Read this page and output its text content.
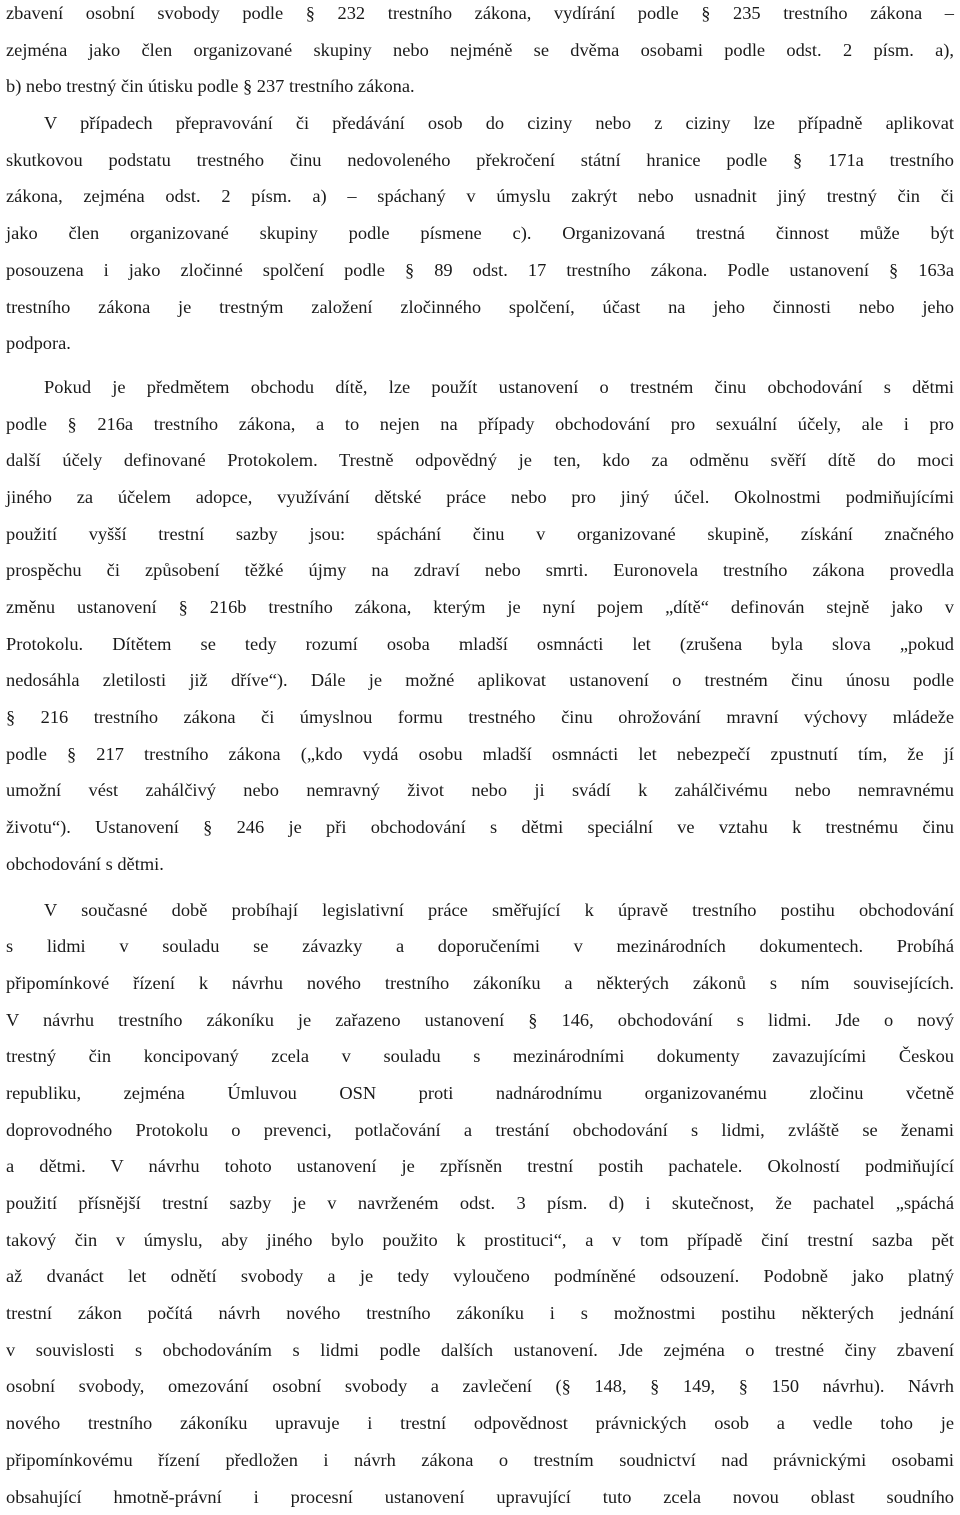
zbavení osobní svobody podle § 232 trestního zákona, vydírání podle § 235 trestního zákona –
zejména jako člen organizované skupiny nebo nejméně se dvěma osobami podle odst. 2 písm. a),
b) nebo trestný čin útisku podle § 237 trestního zákona.
V případech přepravování či předávání osob do ciziny nebo z ciziny lze případně aplikovat
skutkovou podstatu trestného činu nedovoleného překročení státní hranice podle § 171a trestního
zákona, zejména odst. 2 písm. a) – spáchaný v úmyslu zakrýt nebo usnadnit jiný trestný čin či
jako člen organizované skupiny podle písmene c). Organizovaná trestná činnost může být
posouzena i jako zločinné spolčení podle § 89 odst. 17 trestního zákona. Podle ustanovení § 163a
trestního zákona je trestným založení zločinného spolčení, účast na jeho činnosti nebo jeho
podpora.
Pokud je předmětem obchodu dítě, lze použít ustanovení o trestném činu obchodování s dětmi
podle § 216a trestního zákona, a to nejen na případy obchodování pro sexuální účely, ale i pro
další účely definované Protokolem. Trestně odpovědný je ten, kdo za odměnu svěří dítě do moci
jiného za účelem adopce, využívání dětské práce nebo pro jiný účel. Okolnostmi podmiňujícími
použití vyšší trestní sazby jsou: spáchání činu v organizované skupině, získání značného
prospěchu či způsobení těžké újmy na zdraví nebo smrti. Euronovela trestního zákona provedla
změnu ustanovení § 216b trestního zákona, kterým je nyní pojem „dítě“ definován stejně jako v
Protokolu. Dítětem se tedy rozumí osoba mladší osmnácti let (zrušena byla slova „pokud
nedosáhla zletilosti již dříve“). Dále je možné aplikovat ustanovení o trestném činu únosu podle
§ 216 trestního zákona či úmyslnou formu trestného činu ohrožování mravní výchovy mládeže
podle § 217 trestního zákona („kdo vydá osobu mladší osmnácti let nebezpečí zpustnutí tím, že jí
umožní vést zahálčivý nebo nemravný život nebo ji svádí k zahálčivému nebo nemravnému
životu“). Ustanovení § 246 je při obchodování s dětmi speciální ve vztahu k trestnému činu
obchodování s dětmi.
V současné době probíhají legislativní práce směřující k úpravě trestního postihu obchodování
s lidmi v souladu se závazky a doporučeními v mezinárodních dokumentech. Probíhá
připomínkové řízení k návrhu nového trestního zákoníku a některých zákonů s ním souvisejících.
V návrhu trestního zákoníku je zařazeno ustanovení § 146, obchodování s lidmi. Jde o nový
trestný čin koncipovaný zcela v souladu s mezinárodními dokumenty zavazujícími Českou
republiku, zejména Úmluvou OSN proti nadnárodnímu organizovanému zločinu včetně
doprovodného Protokolu o prevenci, potlačování a trestání obchodování s lidmi, zvláště se ženami
a dětmi. V návrhu tohoto ustanovení je zpřísněn trestní postih pachatele. Okolností podmiňující
použití přísnější trestní sazby je v navrženém odst. 3 písm. d) i skutečnost, že pachatel „spáchá
takový čin v úmyslu, aby jiného bylo použito k prostituci“, a v tom případě činí trestní sazba pět
až dvanáct let odnětí svobody a je tedy vyloučeno podmíněné odsouzení. Podobně jako platný
trestní zákon počítá návrh nového trestního zákoníku i s možnostmi postihu některých jednání
v souvislosti s obchodováním s lidmi podle dalších ustanovení. Jde zejména o trestné činy zbavení
osobní svobody, omezování osobní svobody a zavlečení (§ 148, § 149, § 150 návrhu). Návrh
nového trestního zákoníku upravuje i trestní odpovědnost právnických osob a vedle toho je
připomínkovému řízení předložen i návrh zákona o trestním soudnictví nad právnickými osobami
obsahující hmotně-právní i procesní ustanovení upravující tuto zcela novou oblast soudního
